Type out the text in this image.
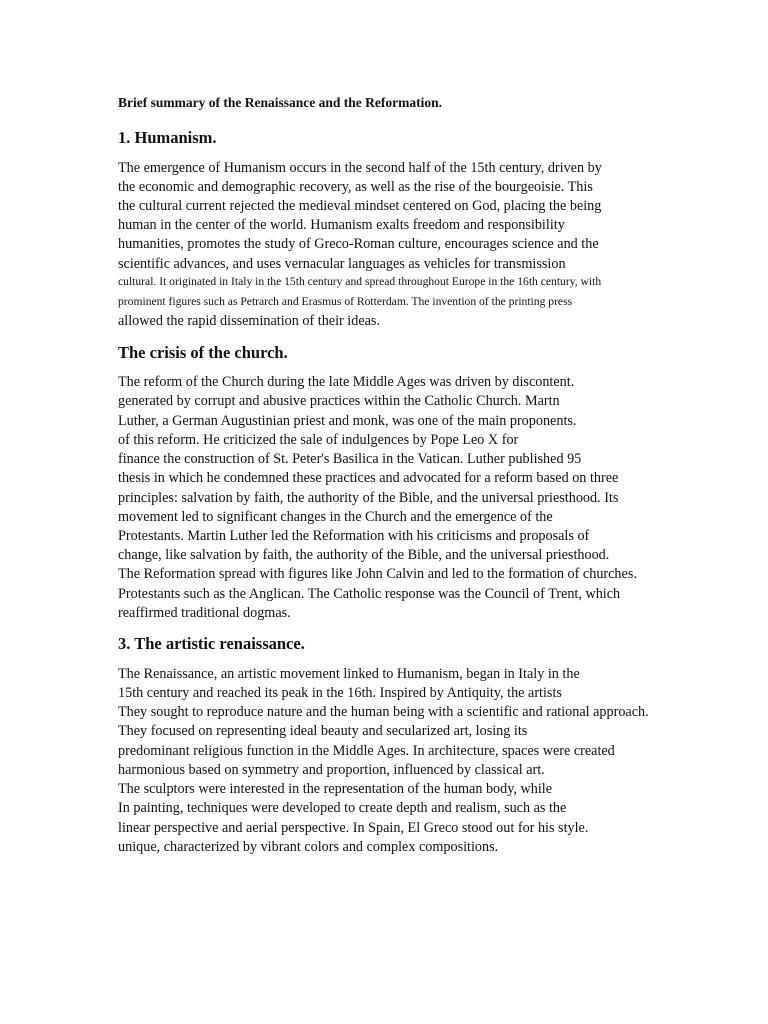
Brief summary of the Renaissance and the Reformation.
1. Humanism.
The emergence of Humanism occurs in the second half of the 15th century, driven by
the economic and demographic recovery, as well as the rise of the bourgeoisie. This
the cultural current rejected the medieval mindset centered on God, placing the being
human in the center of the world. Humanism exalts freedom and responsibility
humanities, promotes the study of Greco-Roman culture, encourages science and the
scientific advances, and uses vernacular languages as vehicles for transmission
cultural. It originated in Italy in the 15th century and spread throughout Europe in the 16th century, with
prominent figures such as Petrarch and Erasmus of Rotterdam. The invention of the printing press
allowed the rapid dissemination of their ideas.
The crisis of the church.
The reform of the Church during the late Middle Ages was driven by discontent.
generated by corrupt and abusive practices within the Catholic Church. Martn
Luther, a German Augustinian priest and monk, was one of the main proponents.
of this reform. He criticized the sale of indulgences by Pope Leo X for
finance the construction of St. Peter's Basilica in the Vatican. Luther published 95
thesis in which he condemned these practices and advocated for a reform based on three
principles: salvation by faith, the authority of the Bible, and the universal priesthood. Its
movement led to significant changes in the Church and the emergence of the
Protestants. Martin Luther led the Reformation with his criticisms and proposals of
change, like salvation by faith, the authority of the Bible, and the universal priesthood.
The Reformation spread with figures like John Calvin and led to the formation of churches.
Protestants such as the Anglican. The Catholic response was the Council of Trent, which
reaffirmed traditional dogmas.
3. The artistic renaissance.
The Renaissance, an artistic movement linked to Humanism, began in Italy in the
15th century and reached its peak in the 16th. Inspired by Antiquity, the artists
They sought to reproduce nature and the human being with a scientific and rational approach.
They focused on representing ideal beauty and secularized art, losing its
predominant religious function in the Middle Ages. In architecture, spaces were created
harmonious based on symmetry and proportion, influenced by classical art.
The sculptors were interested in the representation of the human body, while
In painting, techniques were developed to create depth and realism, such as the
linear perspective and aerial perspective. In Spain, El Greco stood out for his style.
unique, characterized by vibrant colors and complex compositions.
